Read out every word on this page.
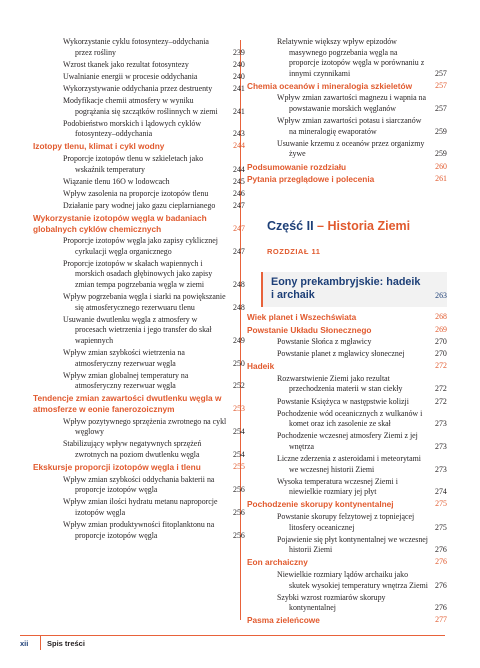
Wykorzystanie cyklu fotosyntezy–oddychania przez rośliny	239
Wzrost tkanek jako rezultat fotosyntezy	240
Uwalnianie energii w procesie oddychania	240
Wykorzystywanie oddychania przez destruenty	241
Modyfikacje chemii atmosfery w wyniku pogrążania się szczątków roślinnych w ziemi	241
Podobieństwo morskich i lądowych cyklów fotosyntezy–oddychania	243
Izotopy tlenu, klimat i cykl wodny	244
Proporcje izotopów tlenu w szkieletach jako wskaźnik temperatury	244
Wiązanie tlenu 16O w lodowcach	245
Wpływ zasolenia na proporcje izotopów tlenu	246
Działanie pary wodnej jako gazu cieplarnianego	247
Wykorzystanie izotopów węgla w badaniach globalnych cyklów chemicznych	247
Proporcje izotopów węgla jako zapisy cyklicznej cyrkulacji węgla organicznego	247
Proporcje izotopów w skałach wapiennych i morskich osadach głębinowych jako zapisy zmian tempa pogrzebania węgla w ziemi	248
Wpływ pogrzebania węgla i siarki na powiększanie się atmosferycznego rezerwuaru tlenu	248
Usuwanie dwutlenku węgla z atmosfery w procesach wietrzenia i jego transfer do skał wapiennych	249
Wpływ zmian szybkości wietrzenia na atmosferyczny rezerwuar węgla	250
Wpływ zmian globalnej temperatury na atmosferyczny rezerwuar węgla	252
Tendencje zmian zawartości dwutlenku węgla w atmosferze w eonie fanerozoicznym	253
Wpływ pozytywnego sprzężenia zwrotnego na cykl węglowy	254
Stabilizujący wpływ negatywnych sprzężeń zwrotnych na poziom dwutlenku węgla	254
Ekskursje proporcji izotopów węgla i tlenu	255
Wpływ zmian szybkości oddychania bakterii na proporcje izotopów węgla	256
Wpływ zmian ilości hydratu metanu naproporcje izotopów węgla	256
Wpływ zmian produktywności fitoplanktonu na proporcje izotopów węgla	256
Relatywnie większy wpływ epizodów masywnego pogrzebania węgla na proporcje izotopów węgla w porównaniu z innymi czynnikami	257
Chemia oceanów i mineralogia szkieletów	257
Wpływ zmian zawartości magnezu i wapnia na powstawanie morskich węglanów	257
Wpływ zmian zawartości potasu i siarczanów na mineralogię ewaporatów	259
Usuwanie krzemu z oceanów przez organizmy żywe	259
Podsumowanie rozdziału	260
Pytania przeglądowe i polecenia	261
Część II – Historia Ziemi
ROZDZIAŁ 11
Eony prekambryjskie: hadeik
i archaik	263
Wiek planet i Wszechświata	268
Powstanie Układu Słonecznego	269
Powstanie Słońca z mgławicy	270
Powstanie planet z mgławicy słonecznej	270
Hadeik	272
Rozwarstwienie Ziemi jako rezultat przechodzenia materii w stan ciekły	272
Powstanie Księżyca w następstwie kolizji	272
Pochodzenie wód oceanicznych z wulkanów i komet oraz ich zasolenie ze skał	273
Pochodzenie wczesnej atmosfery Ziemi z jej wnętrza	273
Liczne zderzenia z asteroidami i meteorytami we wczesnej historii Ziemi	273
Wysoka temperatura wczesnej Ziemi i niewielkie rozmiary jej płyt	274
Pochodzenie skorupy kontynentalnej	275
Powstanie skorupy felzytowej z topniejącej litosfery oceanicznej	275
Pojawienie się płyt kontynentalnej we wczesnej historii Ziemi	276
Eon archaiczny	276
Niewielkie rozmiary lądów archaiku jako skutek wysokiej temperatury wnętrza Ziemi 276
Szybki wzrost rozmiarów skorupy kontynentalnej	276
Pasma zieleńcowe	277
xii Spis treści
